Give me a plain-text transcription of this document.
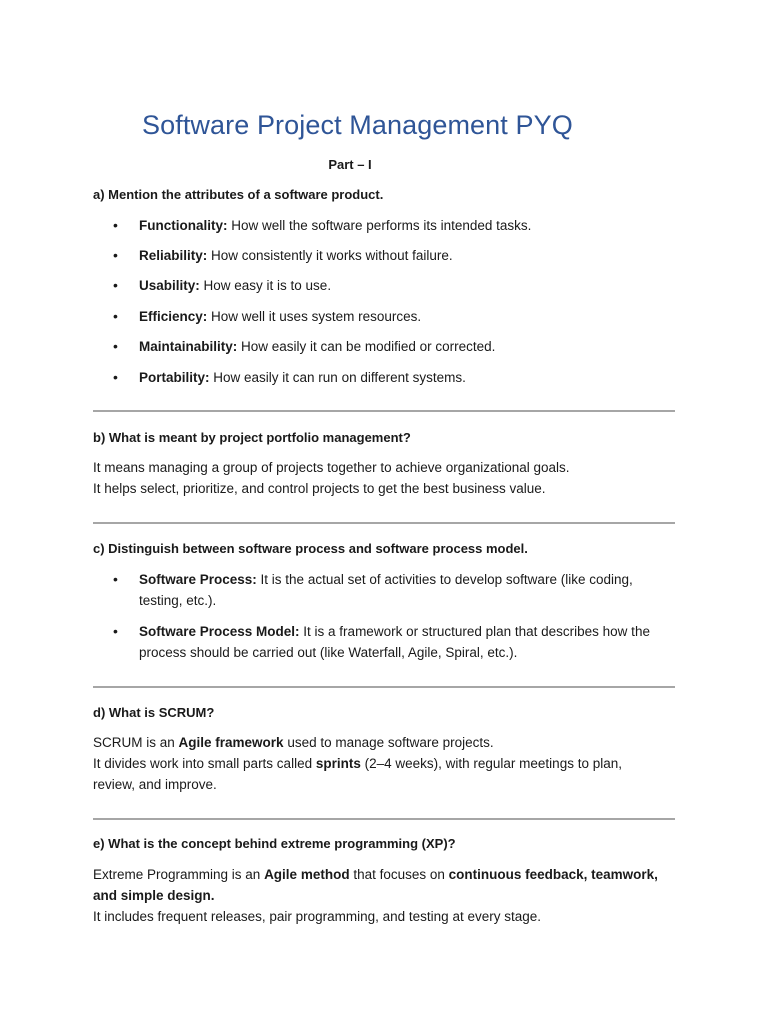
Software Project Management PYQ
Part – I
a) Mention the attributes of a software product.
•	Functionality: How well the software performs its intended tasks.
•	Reliability: How consistently it works without failure.
•	Usability: How easy it is to use.
•	Efficiency: How well it uses system resources.
•	Maintainability: How easily it can be modified or corrected.
•	Portability: How easily it can run on different systems.
b) What is meant by project portfolio management?
It means managing a group of projects together to achieve organizational goals.
It helps select, prioritize, and control projects to get the best business value.
c) Distinguish between software process and software process model.
•	Software Process: It is the actual set of activities to develop software (like coding,
testing, etc.).
•	Software Process Model: It is a framework or structured plan that describes how the
process should be carried out (like Waterfall, Agile, Spiral, etc.).
d) What is SCRUM?
SCRUM is an Agile framework used to manage software projects.
It divides work into small parts called sprints (2–4 weeks), with regular meetings to plan,
review, and improve.
e) What is the concept behind extreme programming (XP)?
Extreme Programming is an Agile method that focuses on continuous feedback, teamwork,
and simple design.
It includes frequent releases, pair programming, and testing at every stage.
